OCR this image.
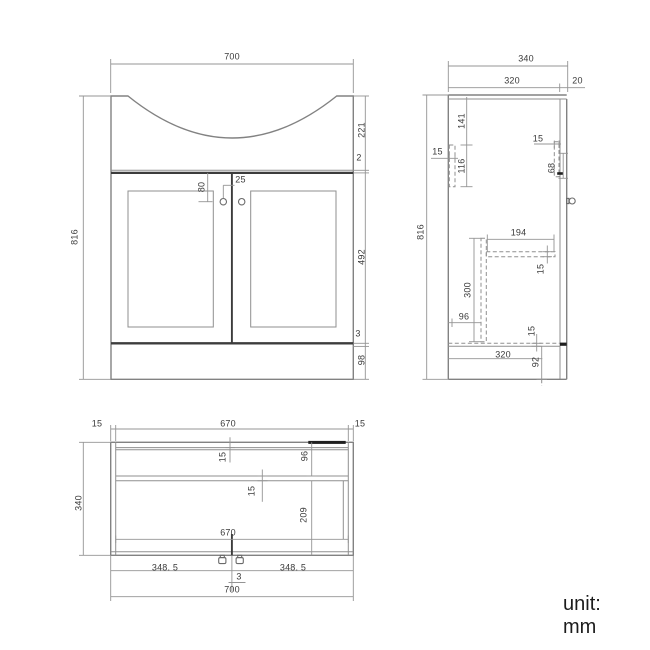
700
816
221
2
492
3
98
80
25
340
320	20
816
141
15
116
15
68
194
15
300
96
15
320
92
15	670	15
340
15	96
15
209
670
348. 5	348. 5
3
700
unit: mm
